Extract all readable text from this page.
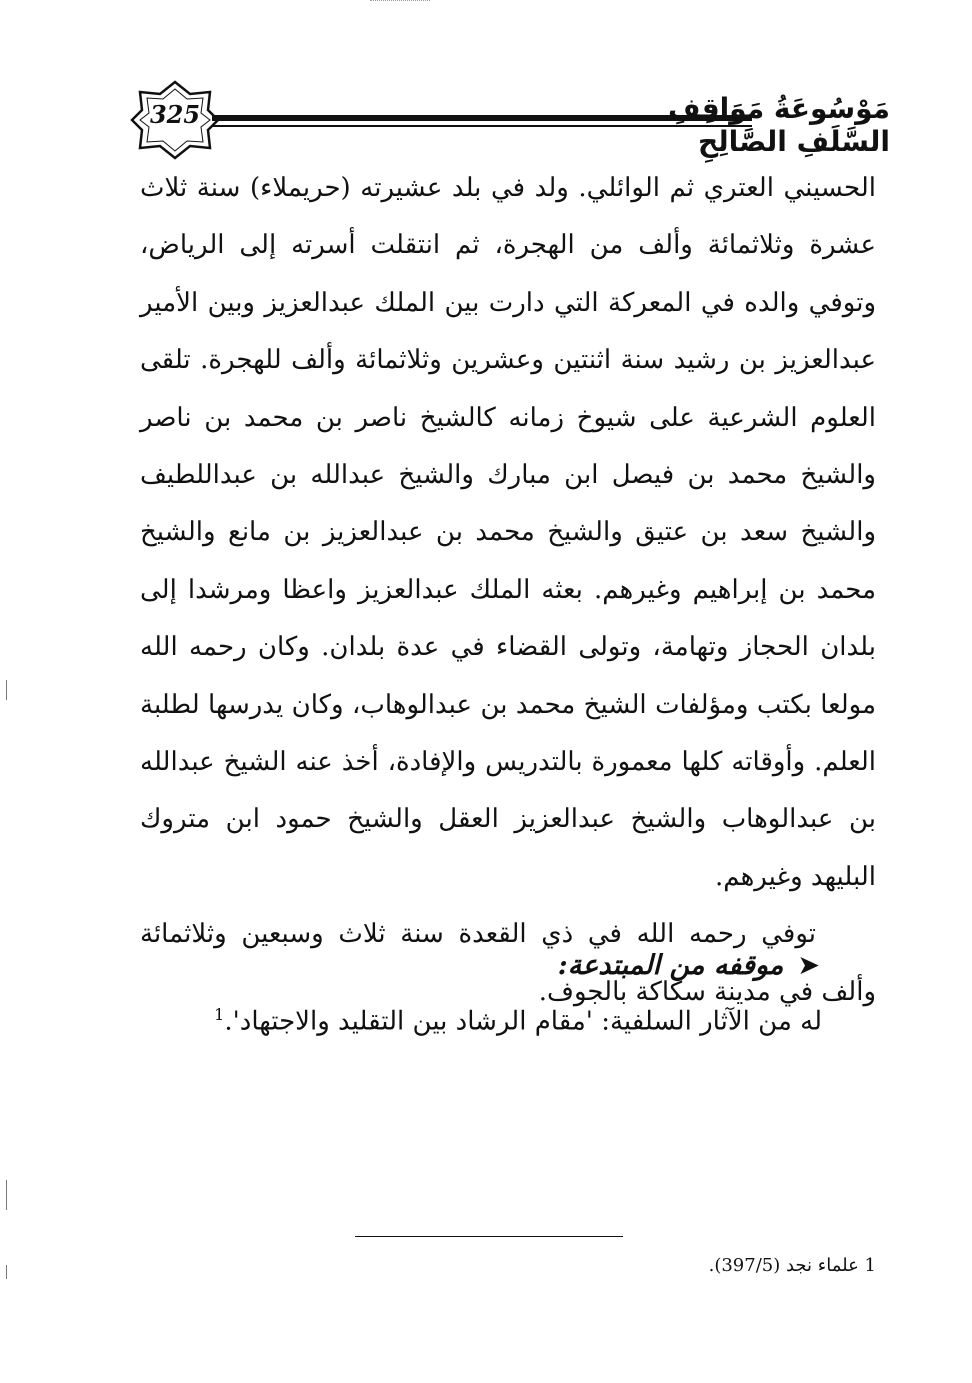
325	مَوْسُوعَةُ مَوَاقِفِ السَّلَفِ الصَّالِحِ

الحسيني العتري ثم الوائلي. ولد في بلد عشيرته (حريملاء) سنة ثلاث عشرة وثلاثمائة وألف من الهجرة، ثم انتقلت أسرته إلى الرياض، وتوفي والده في المعركة التي دارت بين الملك عبدالعزيز وبين الأمير عبدالعزيز بن رشيد سنة اثنتين وعشرين وثلاثمائة وألف للهجرة. تلقى العلوم الشرعية على شيوخ زمانه كالشيخ ناصر بن محمد بن ناصر والشيخ محمد بن فيصل ابن مبارك والشيخ عبدالله بن عبداللطيف والشيخ سعد بن عتيق والشيخ محمد بن عبدالعزيز بن مانع والشيخ محمد بن إبراهيم وغيرهم. بعثه الملك عبدالعزيز واعظا ومرشدا إلى بلدان الحجاز وتهامة، وتولى القضاء في عدة بلدان. وكان رحمه الله مولعا بكتب ومؤلفات الشيخ محمد بن عبدالوهاب، وكان يدرسها لطلبة العلم. وأوقاته كلها معمورة بالتدريس والإفادة، أخذ عنه الشيخ عبدالله بن عبدالوهاب والشيخ عبدالعزيز العقل والشيخ حمود ابن متروك البليهد وغيرهم.

توفي رحمه الله في ذي القعدة سنة ثلاث وسبعين وثلاثمائة وألف في مدينة سكاكة بالجوف.

➤موقفه من المبتدعة:
له من الآثار السلفية: 'مقام الرشاد بين التقليد والاجتهاد'.$^1$
1 علماء نجد (397/5).
